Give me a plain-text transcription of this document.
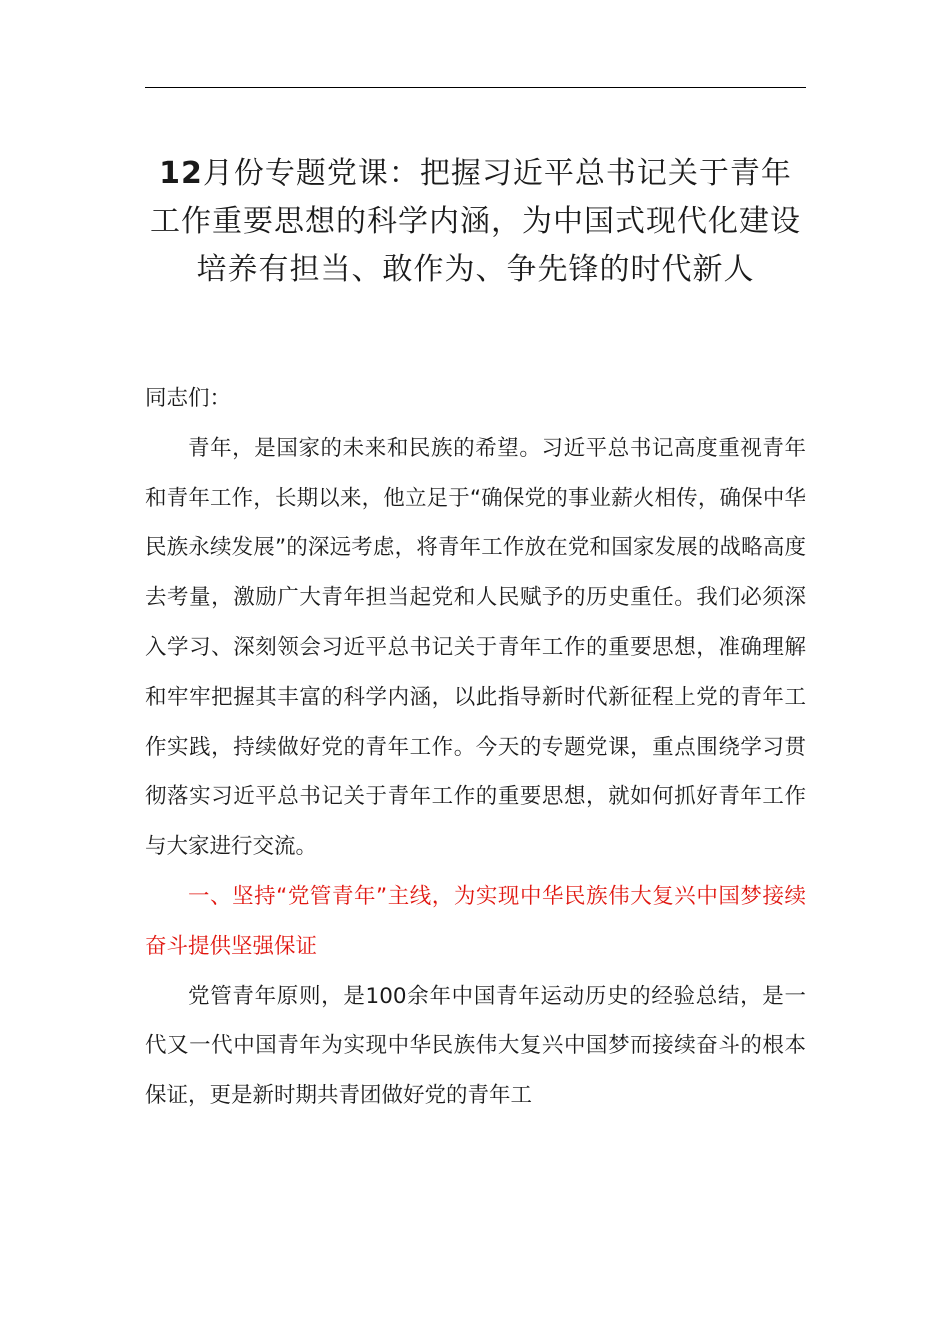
12月份专题党课：把握习近平总书记关于青年工作重要思想的科学内涵，为中国式现代化建设培养有担当、敢作为、争先锋的时代新人

同志们：

青年，是国家的未来和民族的希望。习近平总书记高度重视青年和青年工作，长期以来，他立足于“确保党的事业薪火相传，确保中华民族永续发展”的深远考虑，将青年工作放在党和国家发展的战略高度去考量，激励广大青年担当起党和人民赋予的历史重任。我们必须深入学习、深刻领会习近平总书记关于青年工作的重要思想，准确理解和牢牢把握其丰富的科学内涵，以此指导新时代新征程上党的青年工作实践，持续做好党的青年工作。今天的专题党课，重点围绕学习贯彻落实习近平总书记关于青年工作的重要思想，就如何抓好青年工作与大家进行交流。

一、坚持“党管青年”主线，为实现中华民族伟大复兴中国梦接续奋斗提供坚强保证

党管青年原则，是100余年中国青年运动历史的经验总结，是一代又一代中国青年为实现中华民族伟大复兴中国梦而接续奋斗的根本保证，更是新时期共青团做好党的青年工
